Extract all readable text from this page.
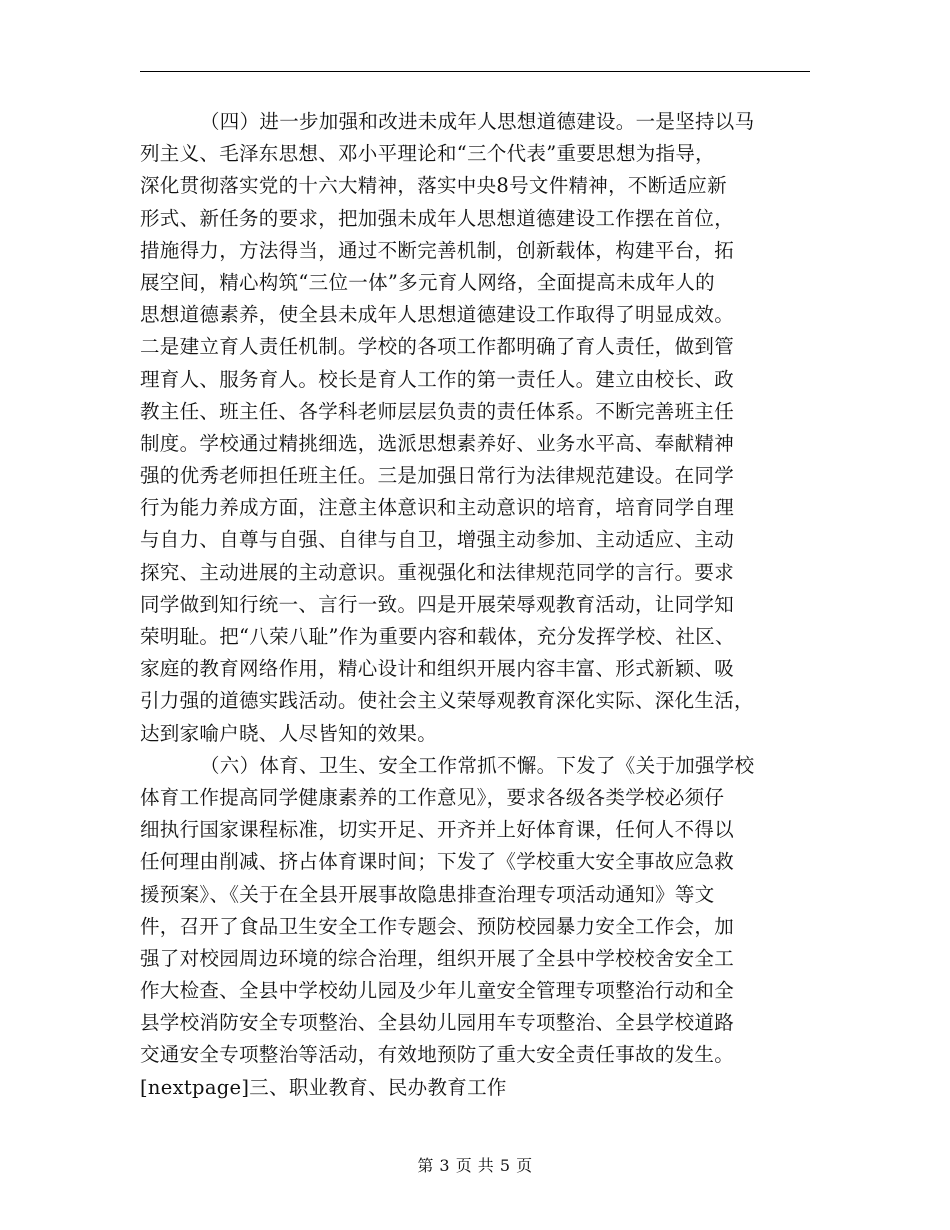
（四）进一步加强和改进未成年人思想道德建设。一是坚持以马
列主义、毛泽东思想、邓小平理论和“三个代表”重要思想为指导，
深化贯彻落实党的十六大精神，落实中央8号文件精神，不断适应新
形式、新任务的要求，把加强未成年人思想道德建设工作摆在首位，
措施得力，方法得当，通过不断完善机制，创新载体，构建平台，拓
展空间，精心构筑“三位一体”多元育人网络，全面提高未成年人的
思想道德素养，使全县未成年人思想道德建设工作取得了明显成效。
二是建立育人责任机制。学校的各项工作都明确了育人责任，做到管
理育人、服务育人。校长是育人工作的第一责任人。建立由校长、政
教主任、班主任、各学科老师层层负责的责任体系。不断完善班主任
制度。学校通过精挑细选，选派思想素养好、业务水平高、奉献精神
强的优秀老师担任班主任。三是加强日常行为法律规范建设。在同学
行为能力养成方面，注意主体意识和主动意识的培育，培育同学自理
与自力、自尊与自强、自律与自卫，增强主动参加、主动适应、主动
探究、主动进展的主动意识。重视强化和法律规范同学的言行。要求
同学做到知行统一、言行一致。四是开展荣辱观教育活动，让同学知
荣明耻。把“八荣八耻”作为重要内容和载体，充分发挥学校、社区、
家庭的教育网络作用，精心设计和组织开展内容丰富、形式新颖、吸
引力强的道德实践活动。使社会主义荣辱观教育深化实际、深化生活，
达到家喻户晓、人尽皆知的效果。
（六）体育、卫生、安全工作常抓不懈。下发了《关于加强学校
体育工作提高同学健康素养的工作意见》，要求各级各类学校必须仔
细执行国家课程标准，切实开足、开齐并上好体育课，任何人不得以
任何理由削减、挤占体育课时间；下发了《学校重大安全事故应急救
援预案》、《关于在全县开展事故隐患排查治理专项活动通知》等文
件，召开了食品卫生安全工作专题会、预防校园暴力安全工作会，加
强了对校园周边环境的综合治理，组织开展了全县中学校校舍安全工
作大检查、全县中学校幼儿园及少年儿童安全管理专项整治行动和全
县学校消防安全专项整治、全县幼儿园用车专项整治、全县学校道路
交通安全专项整治等活动，有效地预防了重大安全责任事故的发生。
[nextpage]三、职业教育、民办教育工作
第 3 页 共 5 页
